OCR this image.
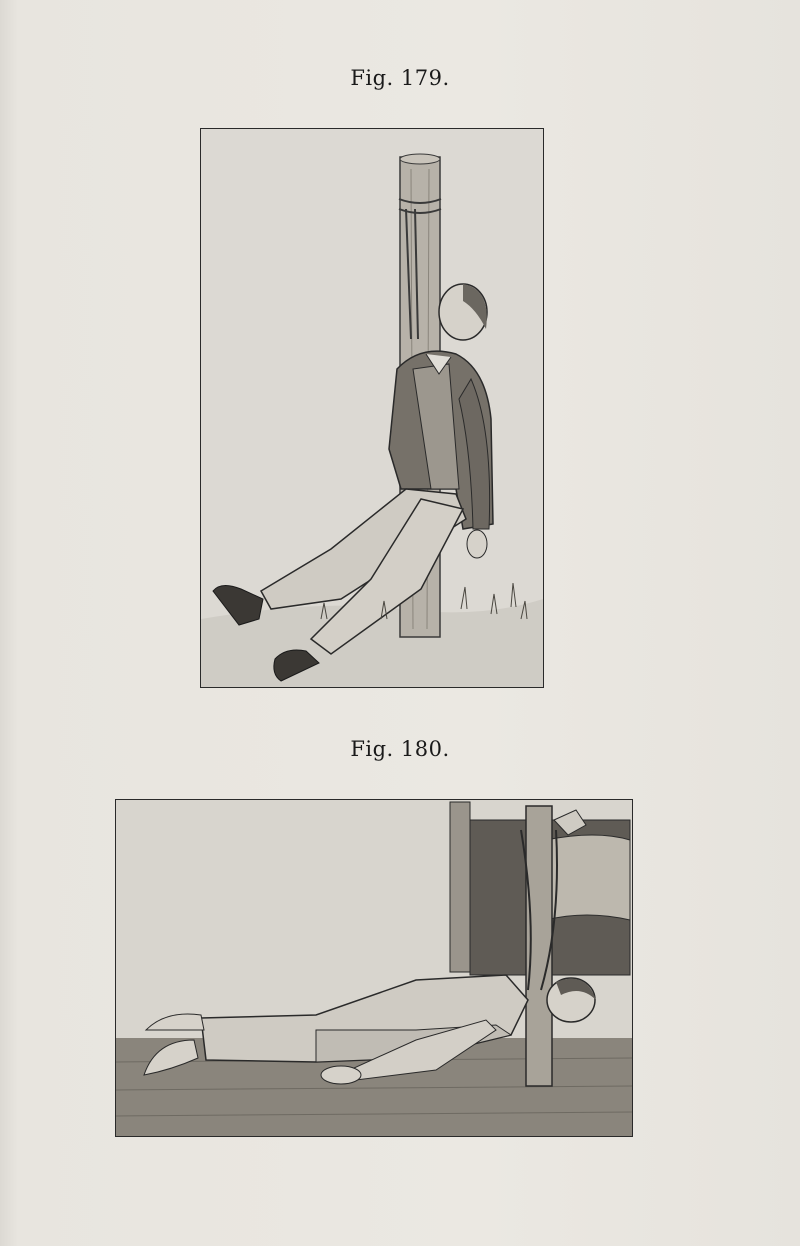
Fig. 179.
Fig. 180.
